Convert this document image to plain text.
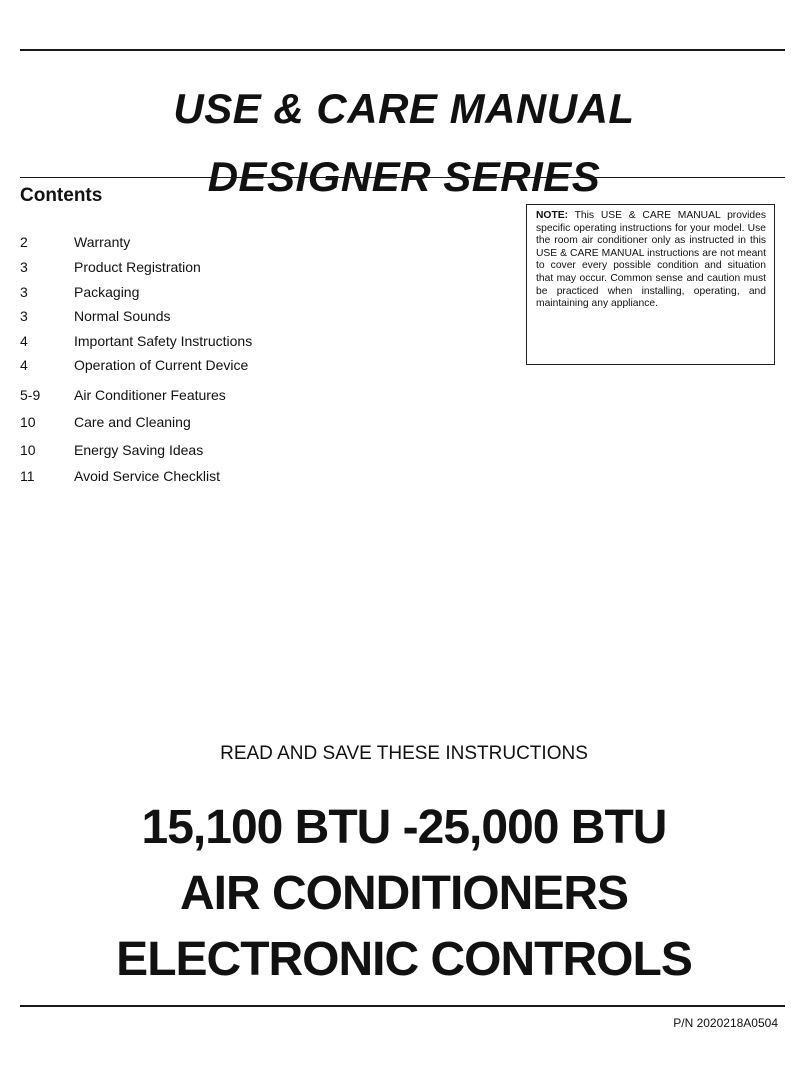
USE & CARE MANUAL
DESIGNER SERIES
Contents
2	Warranty
3	Product Registration
3	Packaging
3	Normal Sounds
4	Important Safety Instructions
4	Operation of Current Device
5-9 Air Conditioner Features
10	Care and Cleaning
10	Energy Saving Ideas
11	Avoid Service Checklist
NOTE: This USE & CARE MANUAL provides specific operating instructions for your model. Use the room air conditioner only as instructed in this USE & CARE MANUAL instructions are not meant to cover every possible condition and situation that may occur. Common sense and caution must be practiced when installing, operating, and maintaining any appliance.
READ AND SAVE THESE INSTRUCTIONS
15,100 BTU -25,000 BTU
AIR CONDITIONERS
ELECTRONIC CONTROLS
P/N 2020218A0504
